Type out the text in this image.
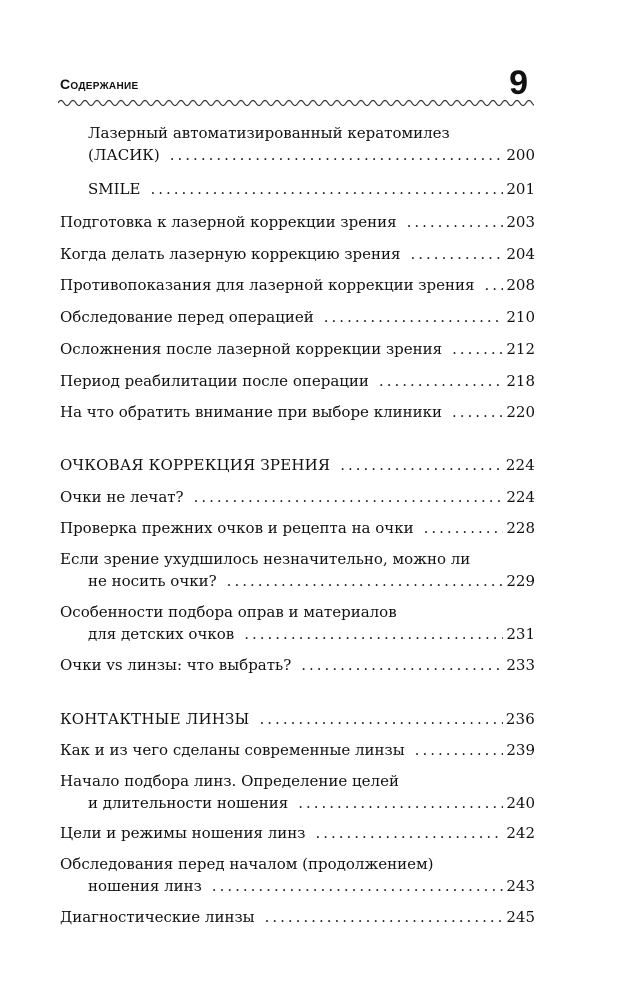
Содержание	9
Лазерный автоматизированный кератомилез
(ЛАСИК) .....	200
SMILE .....	201
Подготовка к лазерной коррекции зрения .....	203
Когда делать лазерную коррекцию зрения .....	204
Противопоказания для лазерной коррекции зрения ..... 208
Обследование перед операцией .....	210
Осложнения после лазерной коррекции зрения .....	212
Период реабилитации после операции .....	218
На что обратить внимание при выборе клиники .....	220
ОЧКОВАЯ КОРРЕКЦИЯ ЗРЕНИЯ .....	224
Очки не лечат? .....	224
Проверка прежних очков и рецепта на очки .....	228
Если зрение ухудшилось незначительно, можно ли
не носить очки? .....	229
Особенности подбора оправ и материалов
для детских очков .....	231
Очки vs линзы: что выбрать? .....	233
КОНТАКТНЫЕ ЛИНЗЫ .....	236
Как и из чего сделаны современные линзы .....	239
Начало подбора линз. Определение целей
и длительности ношения .....	240
Цели и режимы ношения линз .....	242
Обследования перед началом (продолжением)
ношения линз .....	243
Диагностические линзы .....	245
